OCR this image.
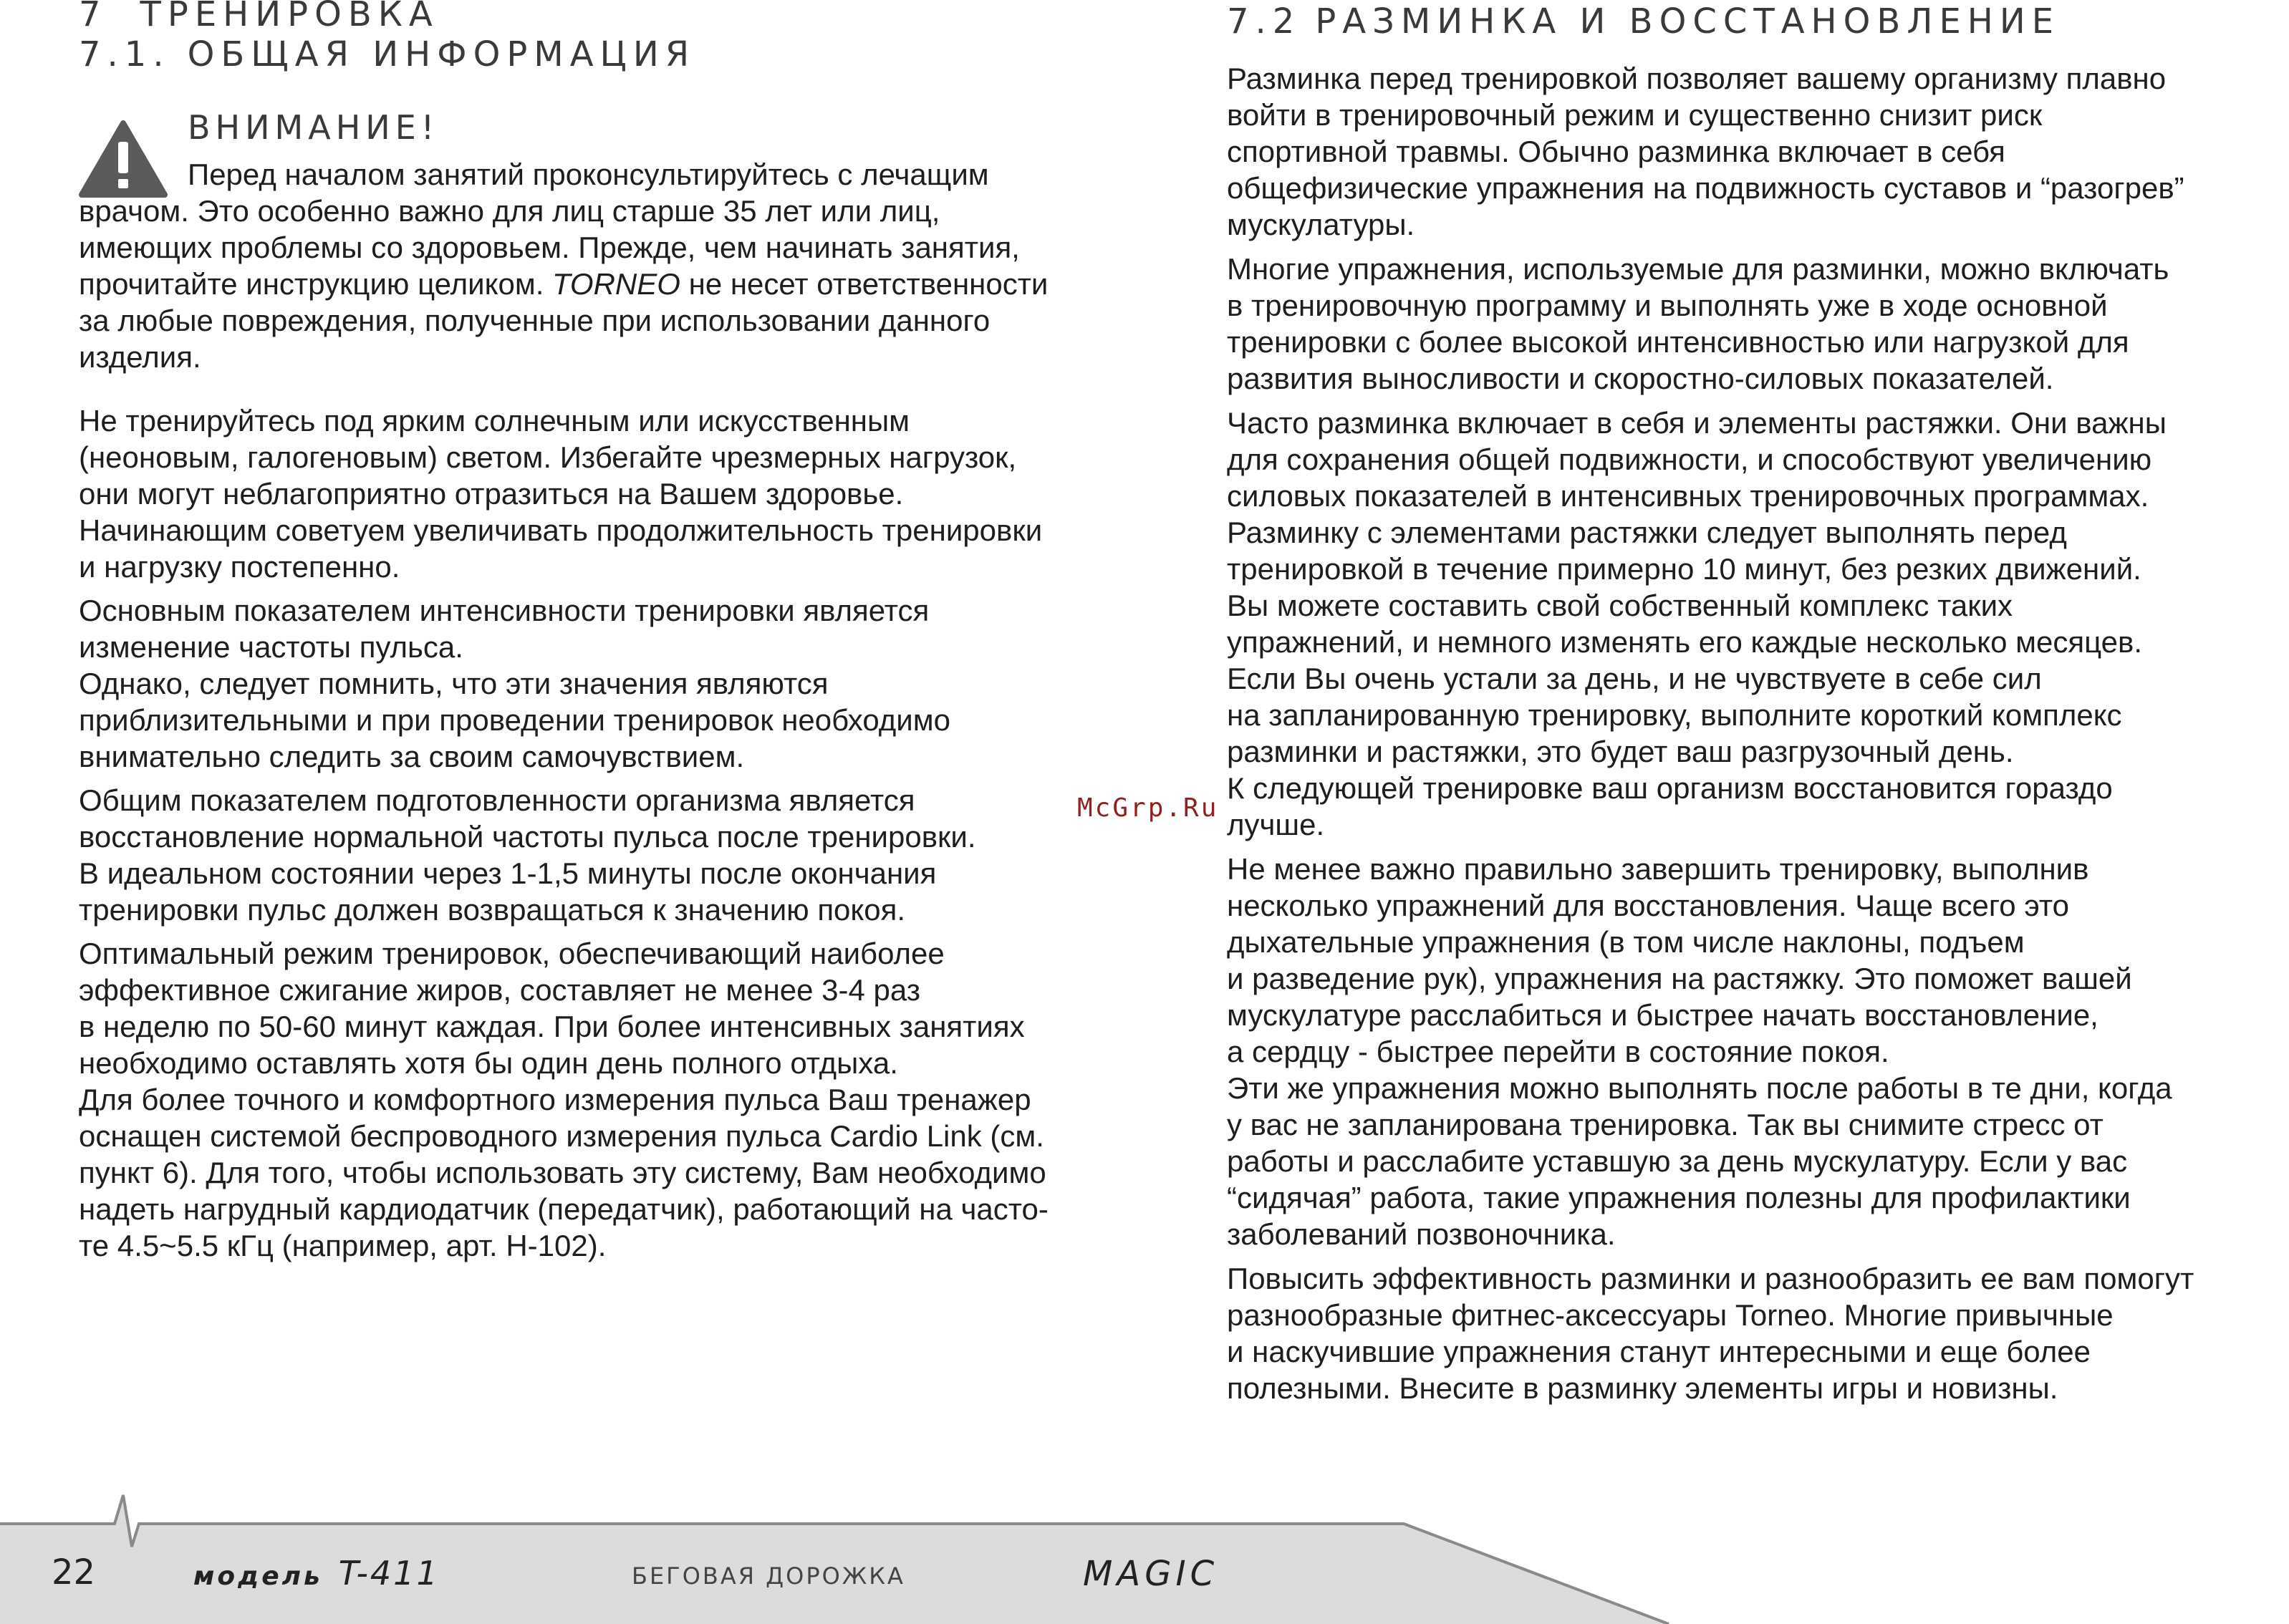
7 ТРЕНИРОВКА
7.1. ОБЩАЯ ИНФОРМАЦИЯ
ВНИМАНИЕ!
Перед началом занятий проконсультируйтесь с лечащим
врачом. Это особенно важно для лиц старше 35 лет или лиц,
имеющих проблемы со здоровьем. Прежде, чем начинать занятия,
прочитайте инструкцию целиком. TORNEO не несет ответственности
за любые повреждения, полученные при использовании данного
изделия.

Не тренируйтесь под ярким солнечным или искусственным
(неоновым, галогеновым) светом. Избегайте чрезмерных нагрузок,
они могут неблагоприятно отразиться на Вашем здоровье.
Начинающим советуем увеличивать продолжительность тренировки
и нагрузку постепенно.

Основным показателем интенсивности тренировки является
изменение частоты пульса.
Однако, следует помнить, что эти значения являются
приблизительными и при проведении тренировок необходимо
внимательно следить за своим самочувствием.

Общим показателем подготовленности организма является
восстановление нормальной частоты пульса после тренировки.
В идеальном состоянии через 1-1,5 минуты после окончания
тренировки пульс должен возвращаться к значению покоя.

Оптимальный режим тренировок, обеспечивающий наиболее
эффективное сжигание жиров, составляет не менее 3-4 раз
в неделю по 50-60 минут каждая. При более интенсивных занятиях
необходимо оставлять хотя бы один день полного отдыха.
Для более точного и комфортного измерения пульса Ваш тренажер
оснащен системой беспроводного измерения пульса Cardio Link (см.
пункт 6). Для того, чтобы использовать эту систему, Вам необходимо
надеть нагрудный кардиодатчик (передатчик), работающий на часто-
те 4.5~5.5 кГц (например, арт. H-102).

McGrp.Ru
7.2 РАЗМИНКА И ВОССТАНОВЛЕНИЕ

Разминка перед тренировкой позволяет вашему организму плавно
войти в тренировочный режим и существенно снизит риск
спортивной травмы. Обычно разминка включает в себя
общефизические упражнения на подвижность суставов и “разогрев”
мускулатуры.

Многие упражнения, используемые для разминки, можно включать
в тренировочную программу и выполнять уже в ходе основной
тренировки с более высокой интенсивностью или нагрузкой для
развития выносливости и скоростно-силовых показателей.

Часто разминка включает в себя и элементы растяжки. Они важны
для сохранения общей подвижности, и способствуют увеличению
силовых показателей в интенсивных тренировочных программах.
Разминку с элементами растяжки следует выполнять перед
тренировкой в течение примерно 10 минут, без резких движений.
Вы можете составить свой собственный комплекс таких
упражнений, и немного изменять его каждые несколько месяцев.
Если Вы очень устали за день, и не чувствуете в себе сил
на запланированную тренировку, выполните короткий комплекс
разминки и растяжки, это будет ваш разгрузочный день.
К следующей тренировке ваш организм восстановится гораздо
лучше.

Не менее важно правильно завершить тренировку, выполнив
несколько упражнений для восстановления. Чаще всего это
дыхательные упражнения (в том числе наклоны, подъем
и разведение рук), упражнения на растяжку. Это поможет вашей
мускулатуре расслабиться и быстрее начать восстановление,
а сердцу - быстрее перейти в состояние покоя.
Эти же упражнения можно выполнять после работы в те дни, когда
у вас не запланирована тренировка. Так вы снимите стресс от
работы и расслабите уставшую за день мускулатуру. Если у вас
“сидячая” работа, такие упражнения полезны для профилактики
заболеваний позвоночника.

Повысить эффективность разминки и разнообразить ее вам помогут
разнообразные фитнес-аксессуары Torneo. Многие привычные
и наскучившие упражнения станут интересными и еще более
полезными. Внесите в разминку элементы игры и новизны.

22	модель T-411	БЕГОВАЯ ДОРОЖКА	MAGIC
